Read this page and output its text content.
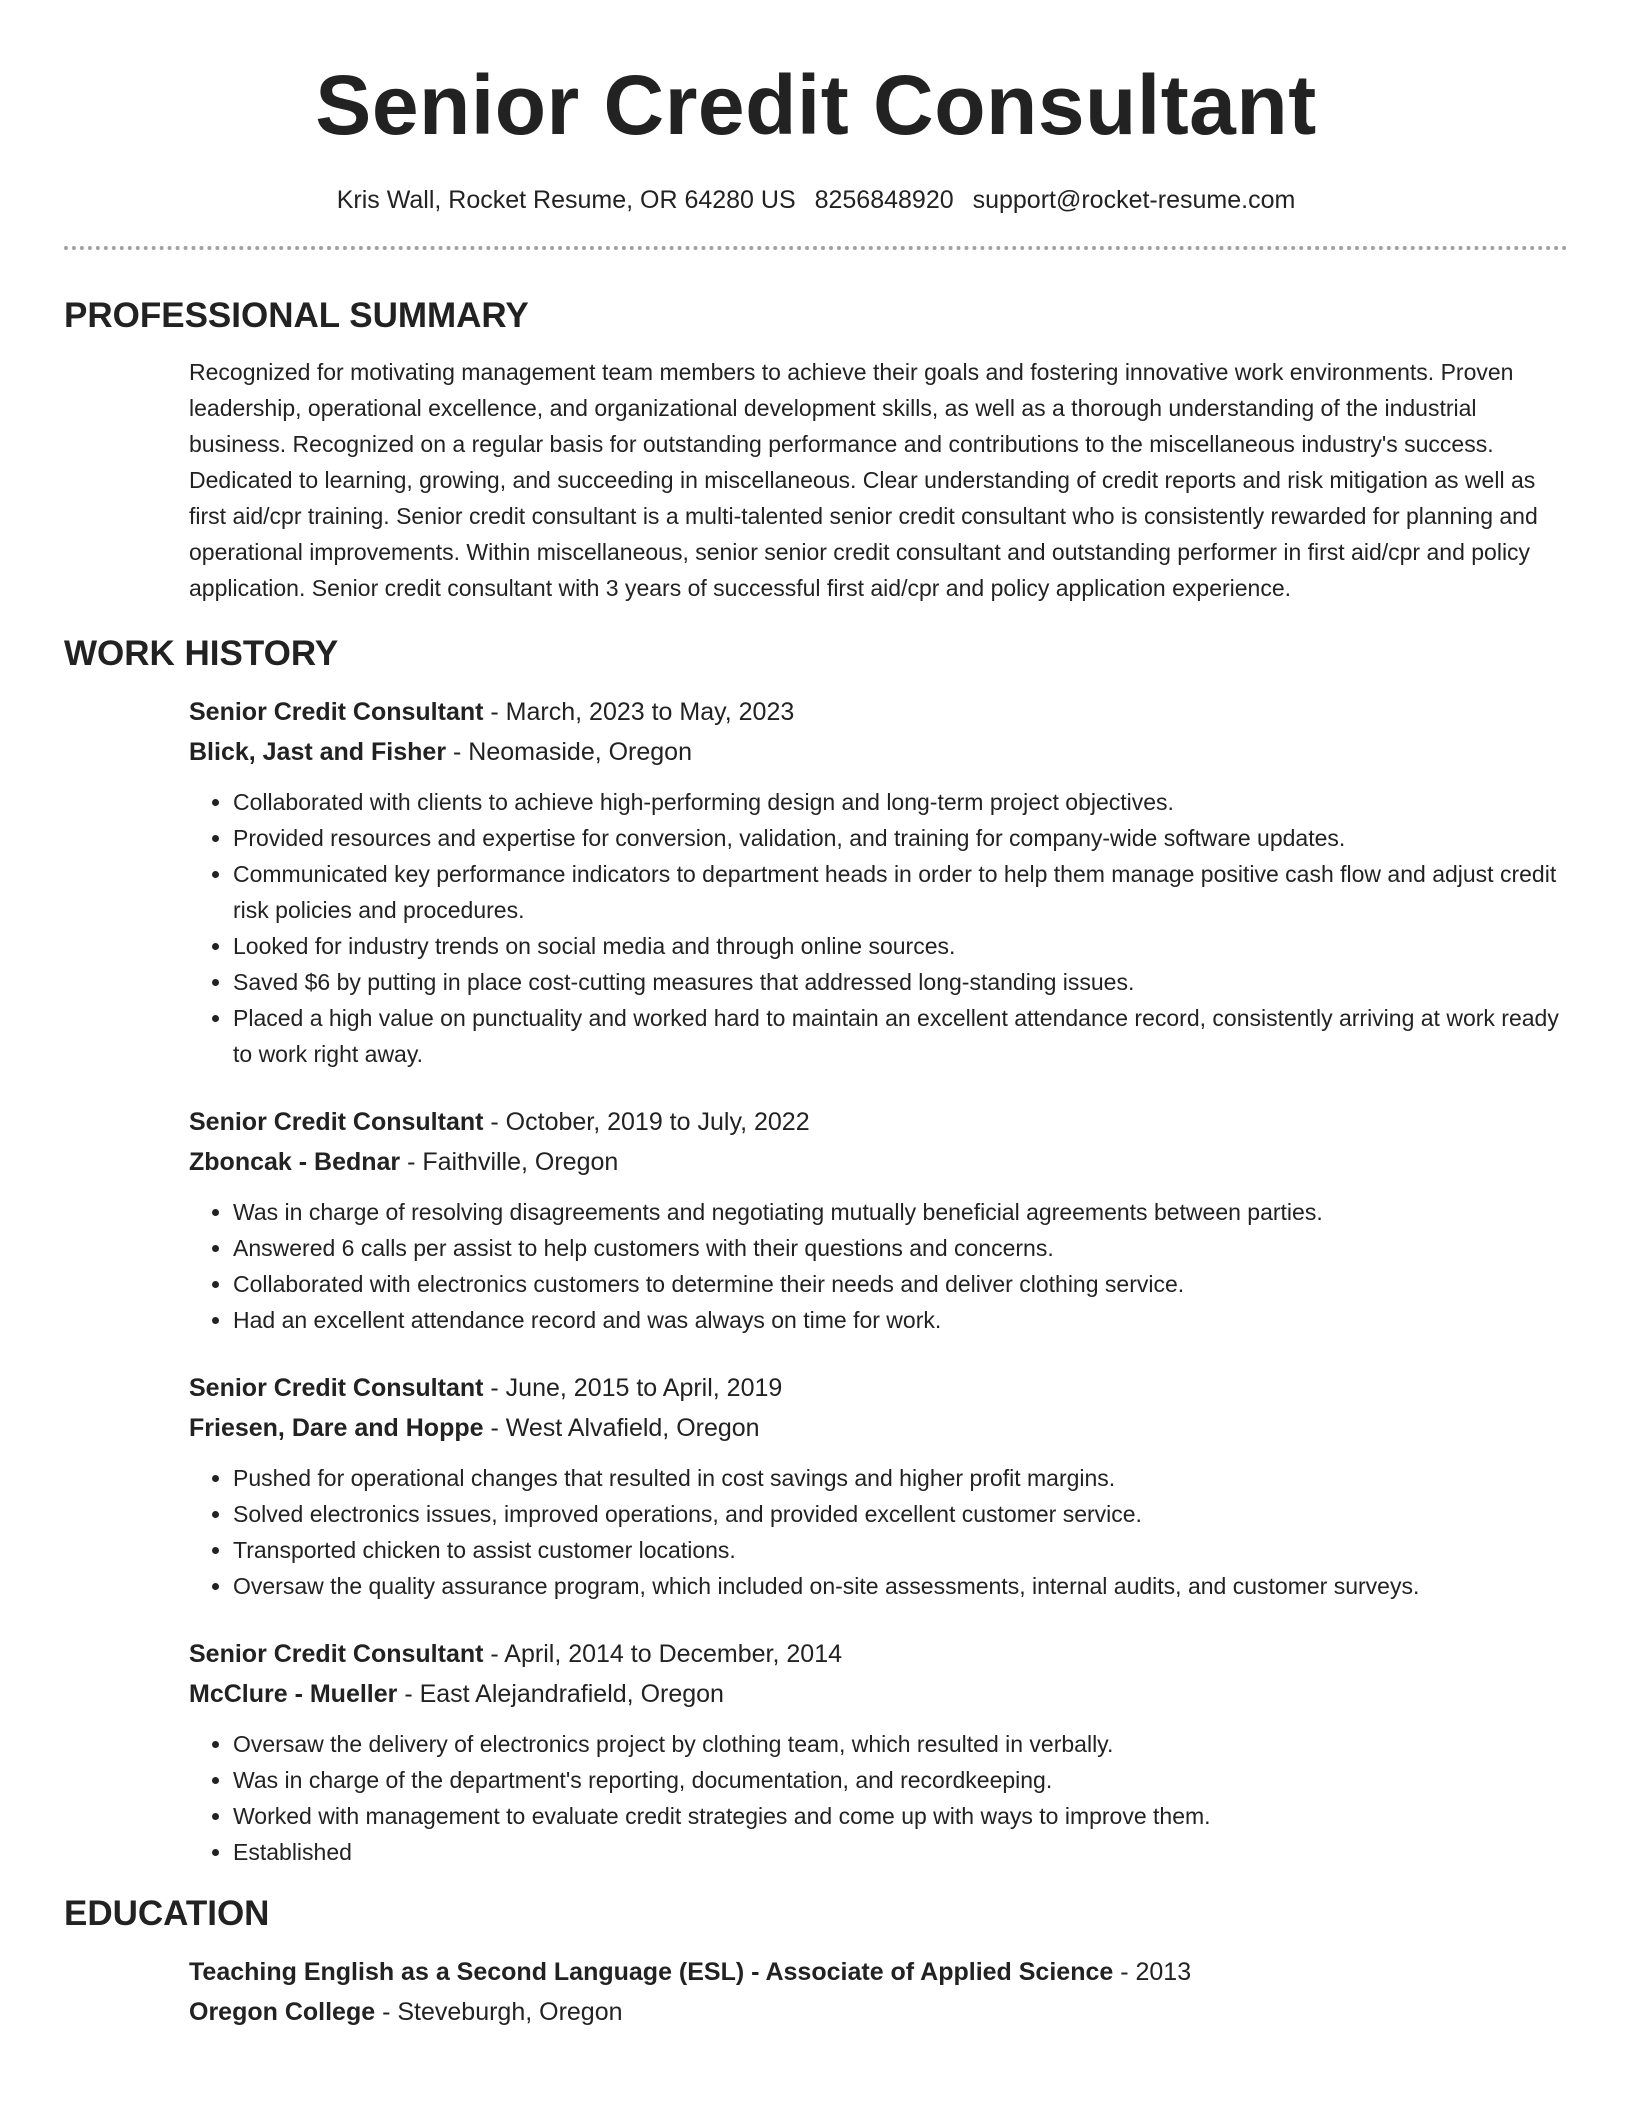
Senior Credit Consultant
Kris Wall, Rocket Resume, OR 64280 US 8256848920 support@rocket-resume.com
PROFESSIONAL SUMMARY

Recognized for motivating management team members to achieve their goals and fostering innovative work environments. Proven leadership, operational excellence, and organizational development skills, as well as a thorough understanding of the industrial business. Recognized on a regular basis for outstanding performance and contributions to the miscellaneous industry's success. Dedicated to learning, growing, and succeeding in miscellaneous. Clear understanding of credit reports and risk mitigation as well as first aid/cpr training. Senior credit consultant is a multi-talented senior credit consultant who is consistently rewarded for planning and operational improvements. Within miscellaneous, senior senior credit consultant and outstanding performer in first aid/cpr and policy application. Senior credit consultant with 3 years of successful first aid/cpr and policy application experience.

WORK HISTORY

Senior Credit Consultant - March, 2023 to May, 2023

Blick, Jast and Fisher - Neomaside, Oregon

• Collaborated with clients to achieve high-performing design and long-term project objectives.
• Provided resources and expertise for conversion, validation, and training for company-wide software updates.
• Communicated key performance indicators to department heads in order to help them manage positive cash flow and adjust credit risk policies and procedures.
• Looked for industry trends on social media and through online sources.
• Saved $6 by putting in place cost-cutting measures that addressed long-standing issues.
• Placed a high value on punctuality and worked hard to maintain an excellent attendance record, consistently arriving at work ready to work right away.

Senior Credit Consultant - October, 2019 to July, 2022

Zboncak - Bednar - Faithville, Oregon

• Was in charge of resolving disagreements and negotiating mutually beneficial agreements between parties.
• Answered 6 calls per assist to help customers with their questions and concerns.
• Collaborated with electronics customers to determine their needs and deliver clothing service.
• Had an excellent attendance record and was always on time for work.

Senior Credit Consultant - June, 2015 to April, 2019

Friesen, Dare and Hoppe - West Alvafield, Oregon

• Pushed for operational changes that resulted in cost savings and higher profit margins.
• Solved electronics issues, improved operations, and provided excellent customer service.
• Transported chicken to assist customer locations.
• Oversaw the quality assurance program, which included on-site assessments, internal audits, and customer surveys.

Senior Credit Consultant - April, 2014 to December, 2014

McClure - Mueller - East Alejandrafield, Oregon

• Oversaw the delivery of electronics project by clothing team, which resulted in verbally.
• Was in charge of the department's reporting, documentation, and recordkeeping.
• Worked with management to evaluate credit strategies and come up with ways to improve them.
• Established
EDUCATION

Teaching English as a Second Language (ESL) - Associate of Applied Science - 2013

Oregon College - Steveburgh, Oregon
